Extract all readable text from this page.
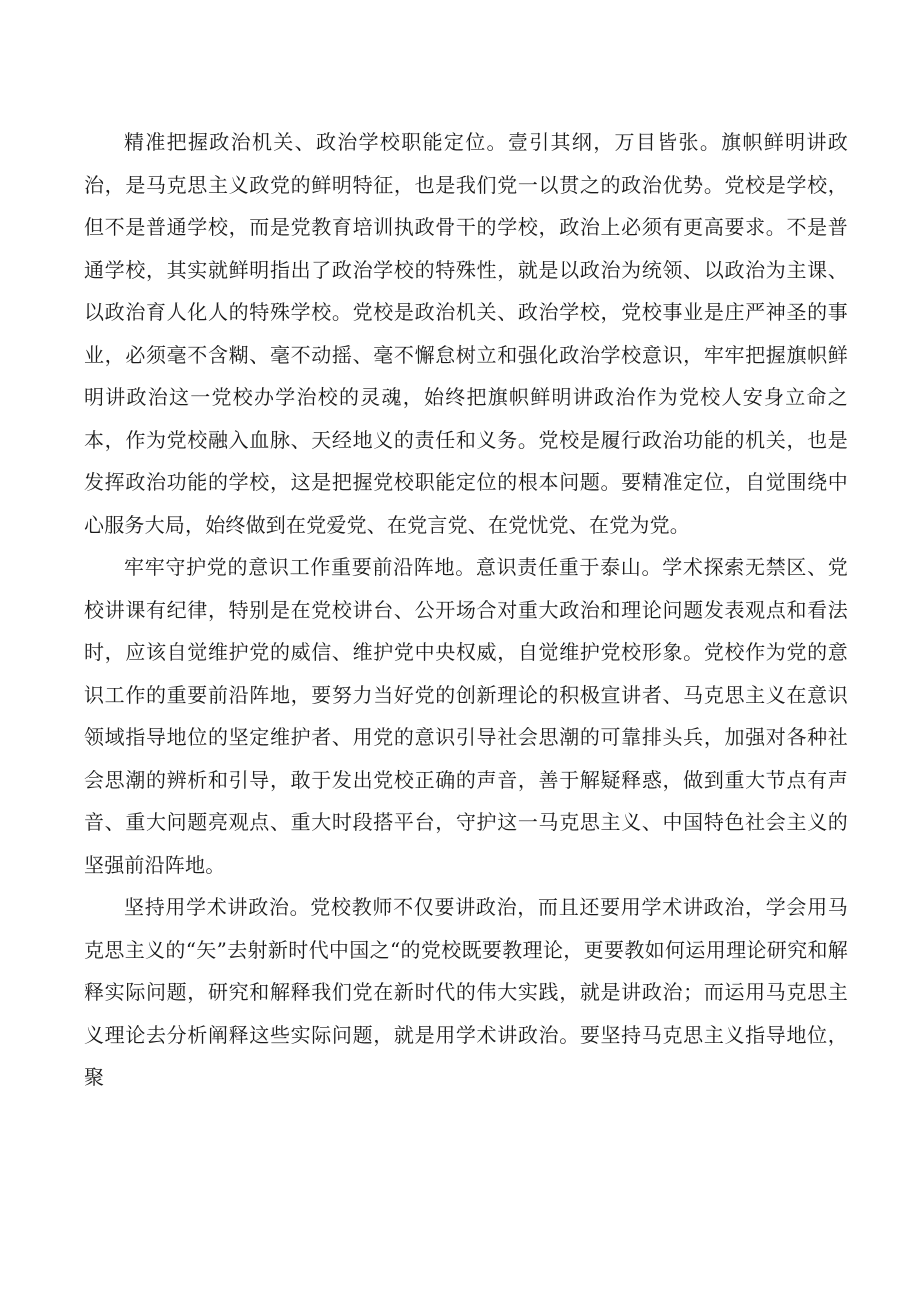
精准把握政治机关、政治学校职能定位。壹引其纲，万目皆张。旗帜鲜明讲政治，是马克思主义政党的鲜明特征，也是我们党一以贯之的政治优势。党校是学校，但不是普通学校，而是党教育培训执政骨干的学校，政治上必须有更高要求。不是普通学校，其实就鲜明指出了政治学校的特殊性，就是以政治为统领、以政治为主课、以政治育人化人的特殊学校。党校是政治机关、政治学校，党校事业是庄严神圣的事业，必须毫不含糊、毫不动摇、毫不懈怠树立和强化政治学校意识，牢牢把握旗帜鲜明讲政治这一党校办学治校的灵魂，始终把旗帜鲜明讲政治作为党校人安身立命之本，作为党校融入血脉、天经地义的责任和义务。党校是履行政治功能的机关，也是发挥政治功能的学校，这是把握党校职能定位的根本问题。要精准定位，自觉围绕中心服务大局，始终做到在党爱党、在党言党、在党忧党、在党为党。

牢牢守护党的意识工作重要前沿阵地。意识责任重于泰山。学术探索无禁区、党校讲课有纪律，特别是在党校讲台、公开场合对重大政治和理论问题发表观点和看法时，应该自觉维护党的威信、维护党中央权威，自觉维护党校形象。党校作为党的意识工作的重要前沿阵地，要努力当好党的创新理论的积极宣讲者、马克思主义在意识领域指导地位的坚定维护者、用党的意识引导社会思潮的可靠排头兵，加强对各种社会思潮的辨析和引导，敢于发出党校正确的声音，善于解疑释惑，做到重大节点有声音、重大问题亮观点、重大时段搭平台，守护这一马克思主义、中国特色社会主义的坚强前沿阵地。

坚持用学术讲政治。党校教师不仅要讲政治，而且还要用学术讲政治，学会用马克思主义的“矢”去射新时代中国之“的党校既要教理论，更要教如何运用理论研究和解释实际问题，研究和解释我们党在新时代的伟大实践，就是讲政治；而运用马克思主义理论去分析阐释这些实际问题，就是用学术讲政治。要坚持马克思主义指导地位，聚
